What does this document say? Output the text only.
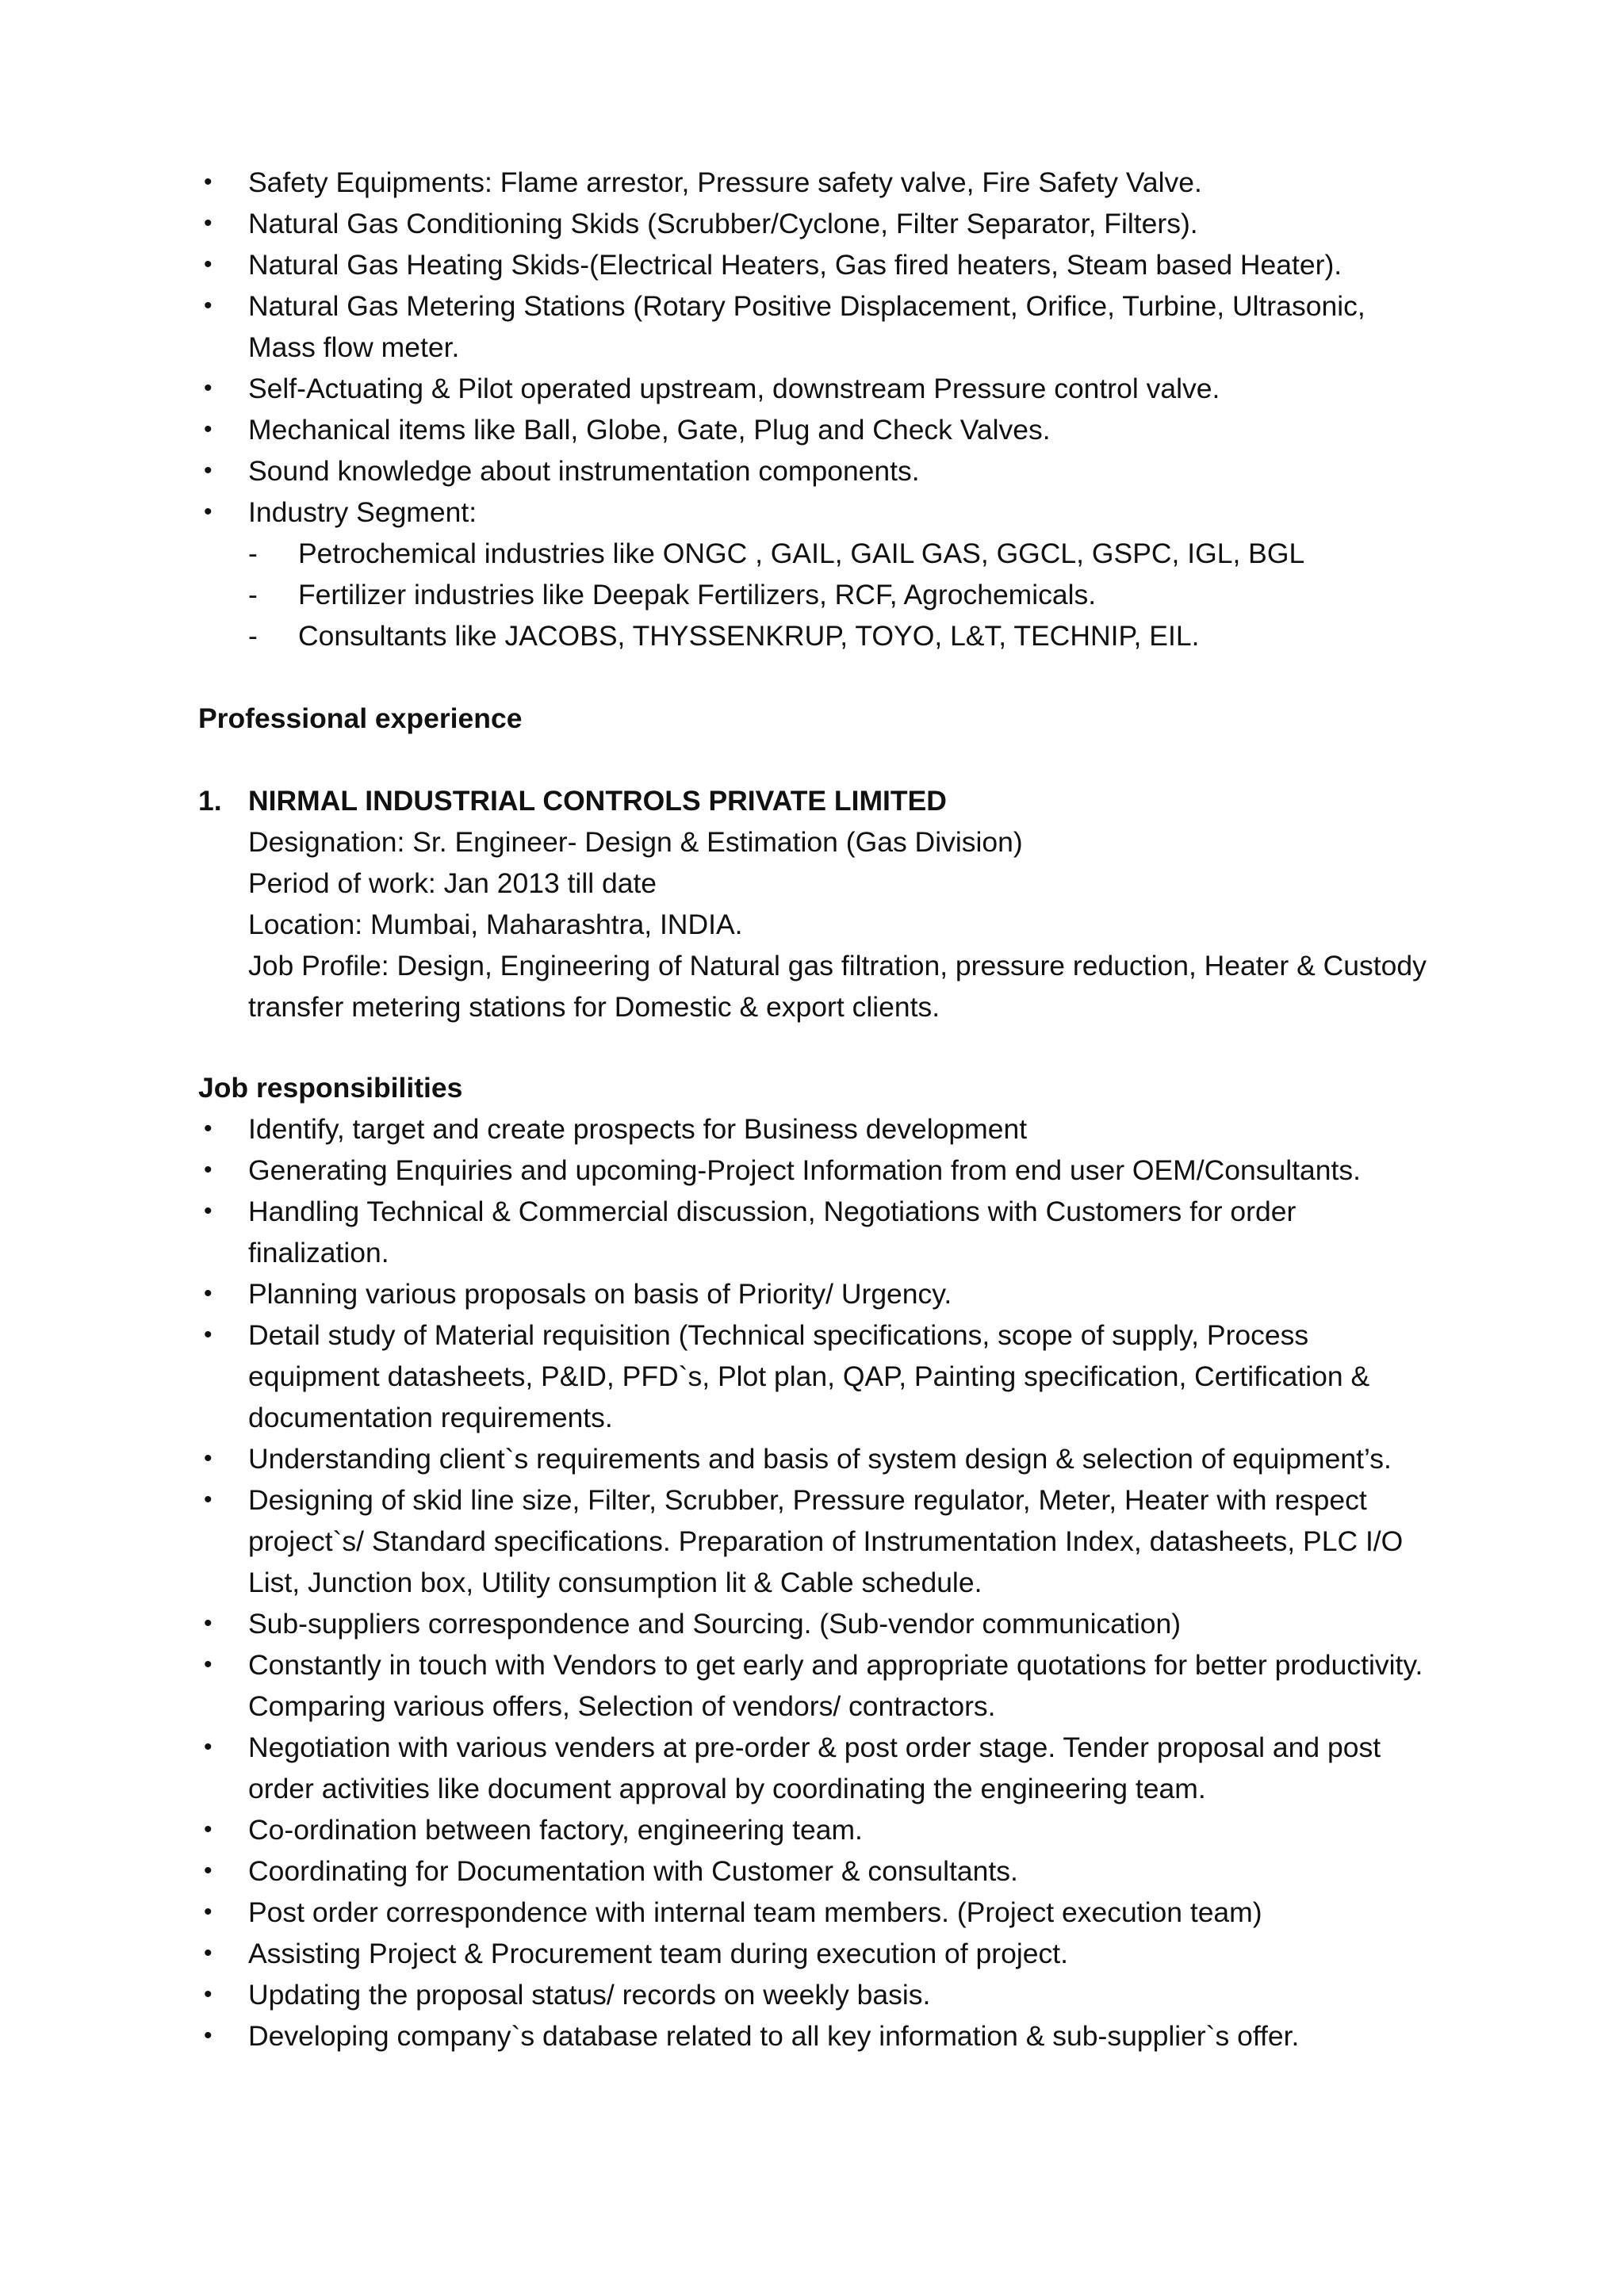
• Safety Equipments: Flame arrestor, Pressure safety valve, Fire Safety Valve.
• Natural Gas Conditioning Skids (Scrubber/Cyclone, Filter Separator, Filters).
• Natural Gas Heating Skids-(Electrical Heaters, Gas fired heaters, Steam based Heater).
• Natural Gas Metering Stations (Rotary Positive Displacement, Orifice, Turbine, Ultrasonic, Mass flow meter.
• Self-Actuating & Pilot operated upstream, downstream Pressure control valve.
• Mechanical items like Ball, Globe, Gate, Plug and Check Valves.
• Sound knowledge about instrumentation components.
• Industry Segment:
- Petrochemical industries like ONGC , GAIL, GAIL GAS, GGCL, GSPC, IGL, BGL
- Fertilizer industries like Deepak Fertilizers, RCF, Agrochemicals.
- Consultants like JACOBS, THYSSENKRUP, TOYO, L&T, TECHNIP, EIL.

Professional experience

1. NIRMAL INDUSTRIAL CONTROLS PRIVATE LIMITED
Designation: Sr. Engineer- Design & Estimation (Gas Division)
Period of work: Jan 2013 till date
Location: Mumbai, Maharashtra, INDIA.
Job Profile: Design, Engineering of Natural gas filtration, pressure reduction, Heater & Custody transfer metering stations for Domestic & export clients.

Job responsibilities

• Identify, target and create prospects for Business development
• Generating Enquiries and upcoming-Project Information from end user OEM/Consultants.
• Handling Technical & Commercial discussion, Negotiations with Customers for order finalization.
• Planning various proposals on basis of Priority/ Urgency.
• Detail study of Material requisition (Technical specifications, scope of supply, Process equipment datasheets, P&ID, PFD`s, Plot plan, QAP, Painting specification, Certification & documentation requirements.
• Understanding client`s requirements and basis of system design & selection of equipment’s.
• Designing of skid line size, Filter, Scrubber, Pressure regulator, Meter, Heater with respect project`s/ Standard specifications. Preparation of Instrumentation Index, datasheets, PLC I/O List, Junction box, Utility consumption lit & Cable schedule.
• Sub-suppliers correspondence and Sourcing. (Sub-vendor communication)
• Constantly in touch with Vendors to get early and appropriate quotations for better productivity. Comparing various offers, Selection of vendors/ contractors.
• Negotiation with various venders at pre-order & post order stage. Tender proposal and post order activities like document approval by coordinating the engineering team.
• Co-ordination between factory, engineering team.
• Coordinating for Documentation with Customer & consultants.
• Post order correspondence with internal team members. (Project execution team)
• Assisting Project & Procurement team during execution of project.
• Updating the proposal status/ records on weekly basis.
• Developing company`s database related to all key information & sub-supplier`s offer.
